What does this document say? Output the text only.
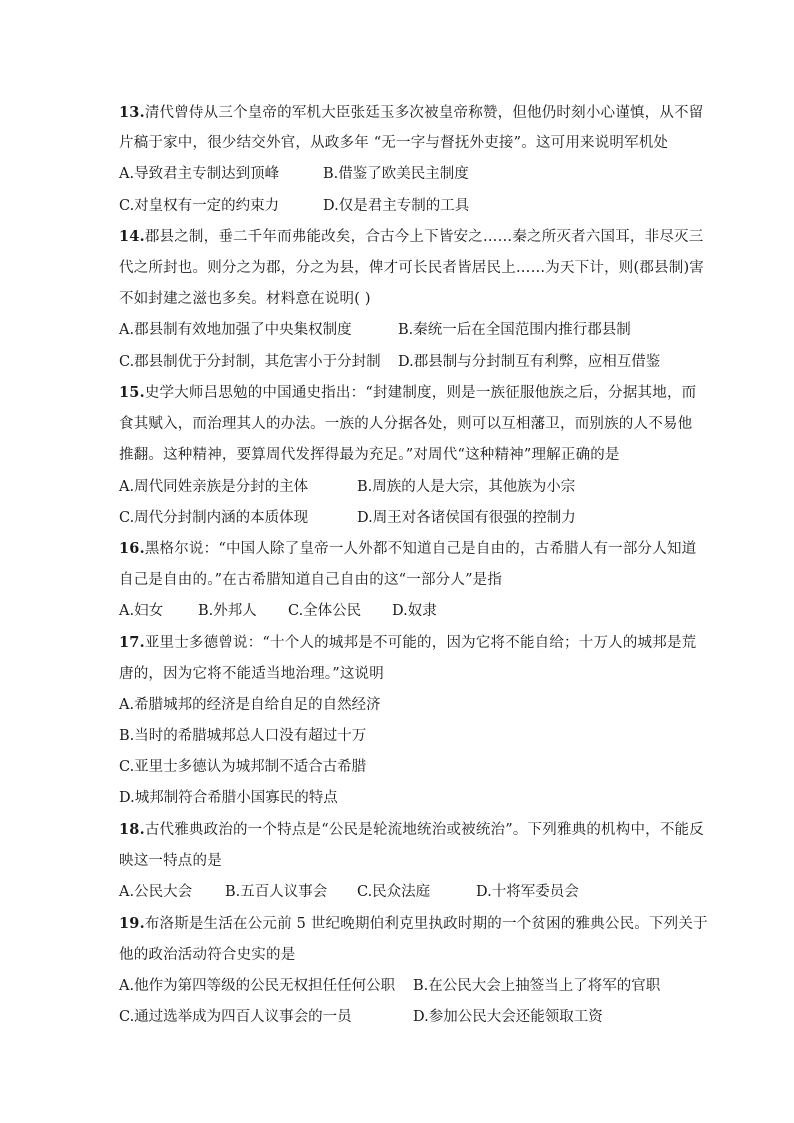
13.清代曾侍从三个皇帝的军机大臣张廷玉多次被皇帝称赞，但他仍时刻小心谨慎，从不留
片稿于家中，很少结交外官，从政多年 “无一字与督抚外吏接”。这可用来说明军机处
A.导致君主专制达到顶峰	B.借鉴了欧美民主制度
C.对皇权有一定的约束力	D.仅是君主专制的工具
14.郡县之制，垂二千年而弗能改矣，合古今上下皆安之……秦之所灭者六国耳，非尽灭三
代之所封也。则分之为郡，分之为县，俾才可长民者皆居民上……为天下计，则(郡县制)害
不如封建之滋也多矣。材料意在说明( )
A.郡县制有效地加强了中央集权制度	B.秦统一后在全国范围内推行郡县制
C.郡县制优于分封制，其危害小于分封制 D.郡县制与分封制互有利弊，应相互借鉴
15.史学大师吕思勉的中国通史指出：“封建制度，则是一族征服他族之后，分据其地，而
食其赋入，而治理其人的办法。一族的人分据各处，则可以互相藩卫，而别族的人不易他
推翻。这种精神，要算周代发挥得最为充足。”对周代“这种精神”理解正确的是
A.周代同姓亲族是分封的主体	B.周族的人是大宗，其他族为小宗
C.周代分封制内涵的本质体现	D.周王对各诸侯国有很强的控制力
16.黑格尔说：“中国人除了皇帝一人外都不知道自己是自由的，古希腊人有一部分人知道
自己是自由的。”在古希腊知道自己自由的这“一部分人”是指
A.妇女 B.外邦人 C.全体公民 D.奴隶
17.亚里士多德曾说：“十个人的城邦是不可能的，因为它将不能自给；十万人的城邦是荒
唐的，因为它将不能适当地治理。”这说明
A.希腊城邦的经济是自给自足的自然经济
B.当时的希腊城邦总人口没有超过十万
C.亚里士多德认为城邦制不适合古希腊
D.城邦制符合希腊小国寡民的特点
18.古代雅典政治的一个特点是“公民是轮流地统治或被统治”。下列雅典的机构中，不能反
映这一特点的是
A.公民大会 B.五百人议事会 C.民众法庭	D.十将军委员会
19.布洛斯是生活在公元前 5 世纪晚期伯利克里执政时期的一个贫困的雅典公民。下列关于
他的政治活动符合史实的是
A.他作为第四等级的公民无权担任任何公职 B.在公民大会上抽签当上了将军的官职
C.通过选举成为四百人议事会的一员	D.参加公民大会还能领取工资
